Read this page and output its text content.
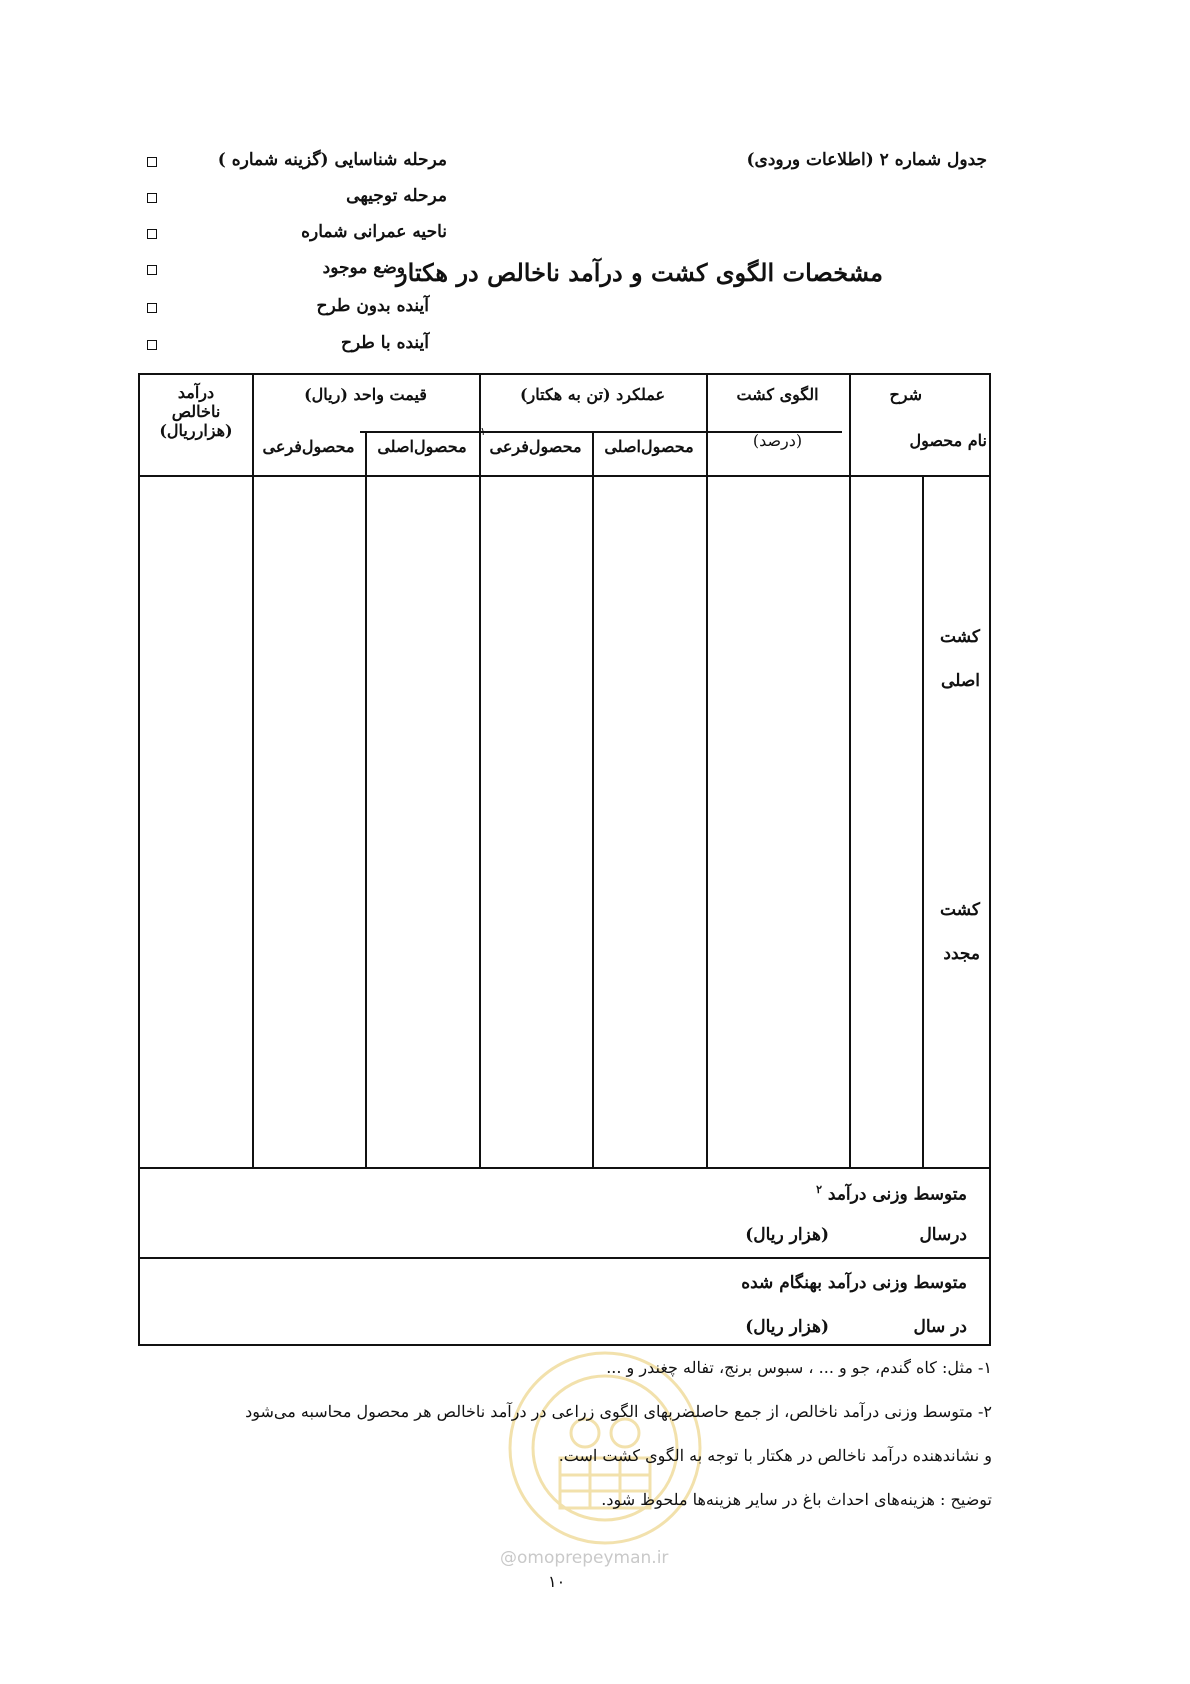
جدول شماره ۲ (اطلاعات ورودی)
مرحله شناسایی (گزینه شماره )
مرحله توجیهی
ناحیه عمرانی شماره
وضع موجود
آینده بدون طرح
آینده با طرح
مشخصات الگوی کشت و درآمد ناخالص در هکتار
شرح
نام محصول
الگوی کشت
(درصد)
عملکرد (تن به هکتار)
قیمت واحد (ریال)
درآمد
ناخالص
(هزارریال)
محصول‌اصلی
محصول‌فرعی
۱
محصول‌اصلی
محصول‌فرعی
کشت
اصلی
کشت
مجدد
متوسط وزنی درآمد $^۲$
درسال
(هزار ریال)
متوسط وزنی درآمد بهنگام شده
در سال
(هزار ریال)
@omoprepeyman.ir
۱- مثل: کاه گندم، جو و ... ، سبوس برنج، تفاله چغندر و ...
۲- متوسط وزنی درآمد ناخالص، از جمع حاصلضربهای الگوی زراعی در درآمد ناخالص هر محصول محاسبه می‌شود
و نشاندهنده درآمد ناخالص در هکتار با توجه به الگوی کشت است.
توضیح : هزینه‌های احداث باغ در سایر هزینه‌ها ملحوظ شود.
۱۰
